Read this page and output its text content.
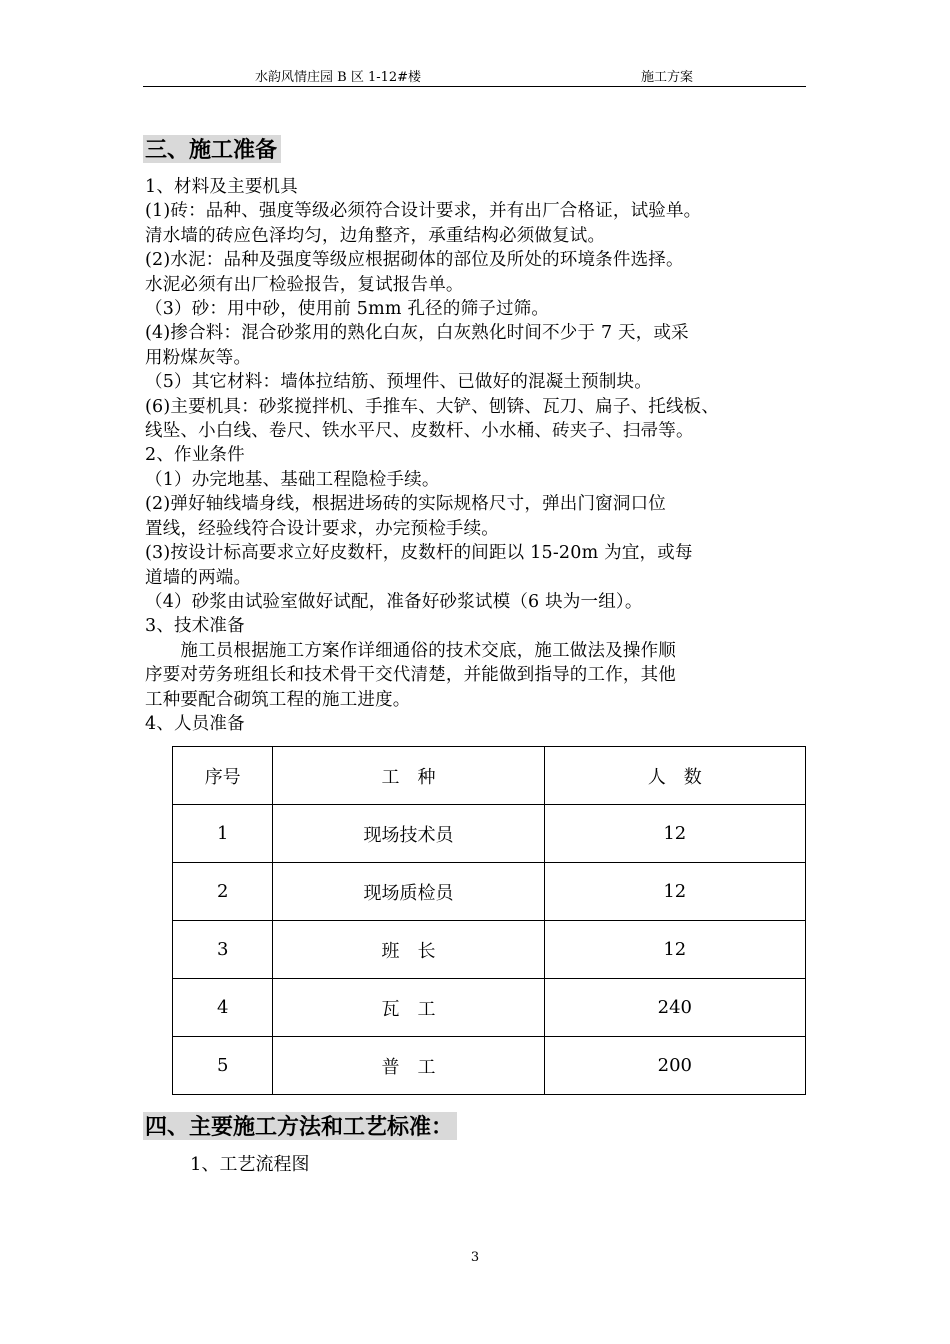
水韵风情庄园 B 区 1-12#楼	施工方案
三、施工准备

1、材料及主要机具

(1)砖：品种、强度等级必须符合设计要求，并有出厂合格证，试验单。

清水墙的砖应色泽均匀，边角整齐，承重结构必须做复试。

(2)水泥：品种及强度等级应根据砌体的部位及所处的环境条件选择。

水泥必须有出厂检验报告，复试报告单。

（3）砂：用中砂，使用前 5mm 孔径的筛子过筛。

(4)掺合料：混合砂浆用的熟化白灰，白灰熟化时间不少于 7 天，或采

用粉煤灰等。

（5）其它材料：墙体拉结筋、预埋件、已做好的混凝土预制块。

(6)主要机具：砂浆搅拌机、手推车、大铲、刨锛、瓦刀、扁子、托线板、

线坠、小白线、卷尺、铁水平尺、皮数杆、小水桶、砖夹子、扫帚等。

2、作业条件

（1）办完地基、基础工程隐检手续。

(2)弹好轴线墙身线，根据进场砖的实际规格尺寸，弹出门窗洞口位

置线，经验线符合设计要求，办完预检手续。

(3)按设计标高要求立好皮数杆，皮数杆的间距以 15-20m 为宜，或每

道墙的两端。

（4）砂浆由试验室做好试配，准备好砂浆试模（6 块为一组）。

3、技术准备

　　施工员根据施工方案作详细通俗的技术交底，施工做法及操作顺

序要对劳务班组长和技术骨干交代清楚，并能做到指导的工作，其他

工种要配合砌筑工程的施工进度。

4、人员准备

序号	工　种	人　数
1	现场技术员	12
2	现场质检员	12
3	班　长	12
4	瓦　工	240
5	普　工	200
四、主要施工方法和工艺标准：
1、工艺流程图
3
